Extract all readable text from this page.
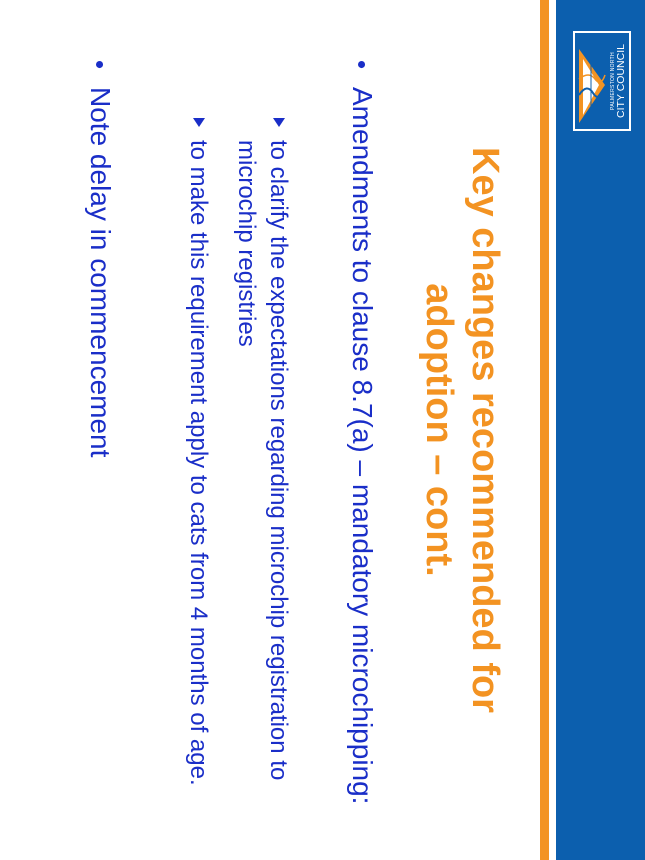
PALMERSTON NORTH CITY COUNCIL
Key changes recommended for adoption – cont.
•
Amendments to clause 8.7(a) – mandatory microchipping:
to clarify the expectations regarding microchip registration to microchip registries
to make this requirement apply to cats from 4 months of age.
•
Note delay in commencement
